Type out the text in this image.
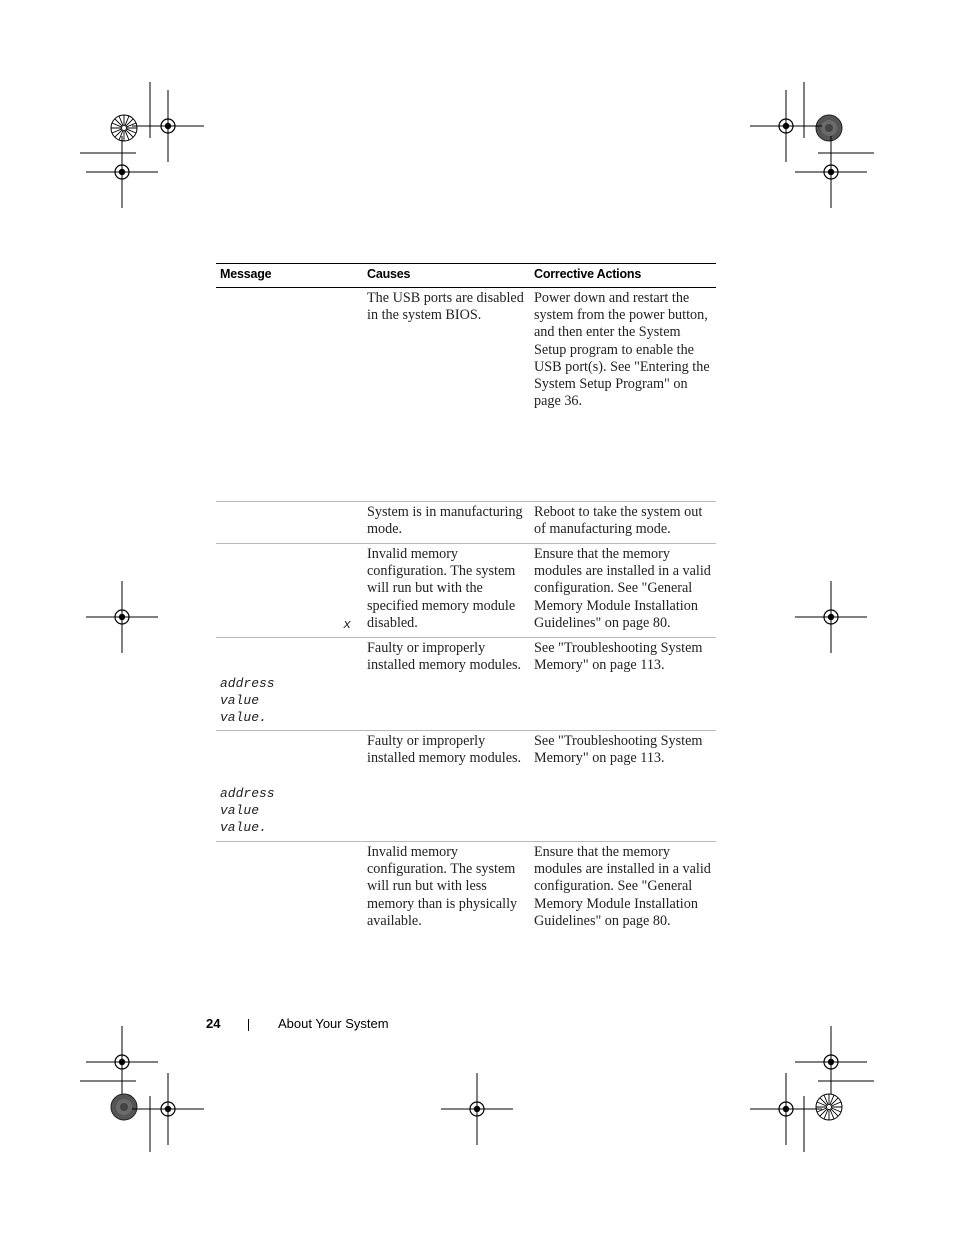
Message	Causes	Corrective Actions
	The USB ports are disabled in the system BIOS.	Power down and restart the system from the power button, and then enter the System Setup program to enable the USB port(s). See "Entering the System Setup Program" on page 36.
	System is in manufacturing mode.	Reboot to take the system out of manufacturing mode.

x	Invalid memory configuration. The system will run but with the specified memory module disabled.	Ensure that the memory modules are installed in a valid configuration. See "General Memory Module Installation Guidelines" on page 80.

address
value
value.	Faulty or improperly installed memory modules.	See "Troubleshooting System Memory" on page 113.

address
value
value.	Faulty or improperly installed memory modules.	See "Troubleshooting System Memory" on page 113.
	Invalid memory configuration. The system will run but with less memory than is physically available.	Ensure that the memory modules are installed in a valid configuration. See "General Memory Module Installation Guidelines" on page 80.
24	About Your System
